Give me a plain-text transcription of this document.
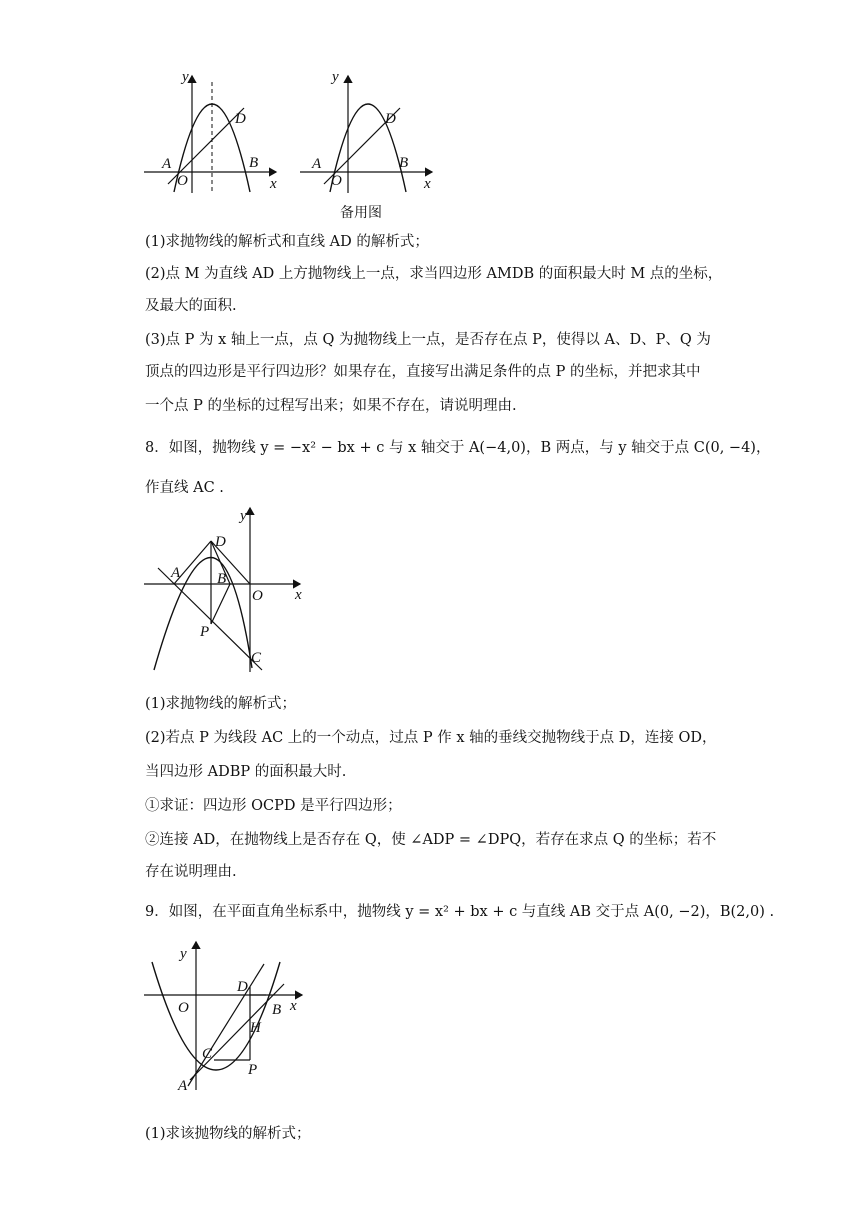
y
x
A
O
B
D
y
x
A
O
B
D
备用图
(1)求抛物线的解析式和直线 AD 的解析式；
(2)点 M 为直线 AD 上方抛物线上一点，求当四边形 AMDB 的面积最大时 M 点的坐标，
及最大的面积.
(3)点 P 为 x 轴上一点，点 Q 为抛物线上一点，是否存在点 P，使得以 A、D、P、Q 为
顶点的四边形是平行四边形？如果存在，直接写出满足条件的点 P 的坐标，并把求其中
一个点 P 的坐标的过程写出来；如果不存在，请说明理由.
8．如图，抛物线 y = −x² − bx + c 与 x 轴交于 A(−4,0)，B 两点，与 y 轴交于点 C(0, −4)，
作直线 AC .
y
x
A B
O
D
P
C
(1)求抛物线的解析式；
(2)若点 P 为线段 AC 上的一个动点，过点 P 作 x 轴的垂线交抛物线于点 D，连接 OD，
当四边形 ADBP 的面积最大时.
①求证：四边形 OCPD 是平行四边形；
②连接 AD，在抛物线上是否存在 Q，使 ∠ADP = ∠DPQ，若存在求点 Q 的坐标；若不
存在说明理由.
9．如图，在平面直角坐标系中，抛物线 y = x² + bx + c 与直线 AB 交于点 A(0, −2)，B(2,0) .
y
x
O
D
B
H
C
P
A
(1)求该抛物线的解析式；
